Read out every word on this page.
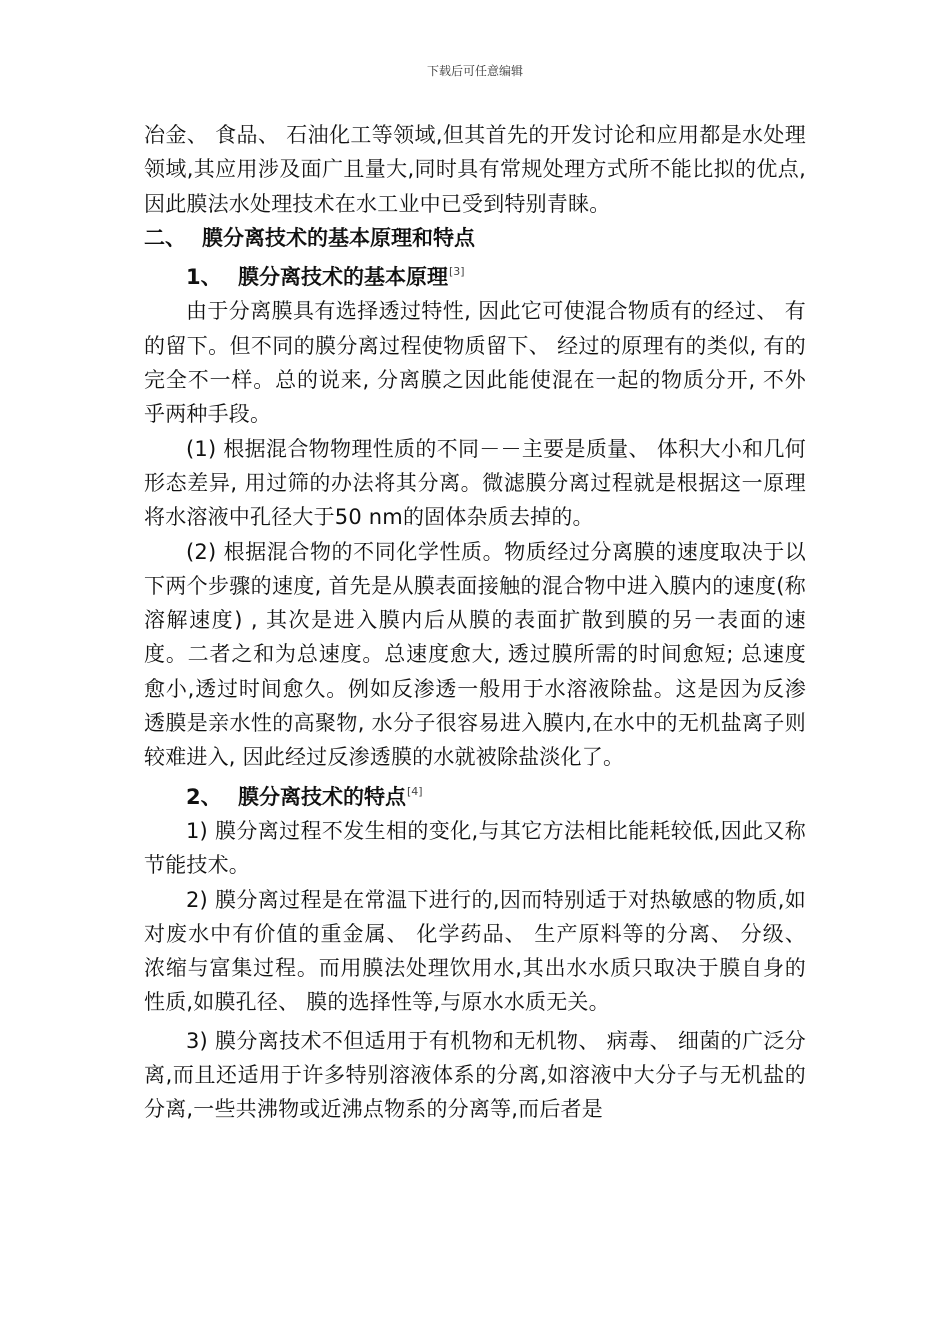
下载后可任意编辑

冶金、 食品、 石油化工等领域,但其首先的开发讨论和应用都是水处理领域,其应用涉及面广且量大,同时具有常规处理方式所不能比拟的优点,因此膜法水处理技术在水工业中已受到特别青睐。

二、 膜分离技术的基本原理和特点
1、 膜分离技术的基本原理[3]

由于分离膜具有选择透过特性, 因此它可使混合物质有的经过、 有的留下。但不同的膜分离过程使物质留下、 经过的原理有的类似, 有的完全不一样。总的说来, 分离膜之因此能使混在一起的物质分开, 不外乎两种手段。

(1) 根据混合物物理性质的不同－－主要是质量、 体积大小和几何形态差异, 用过筛的办法将其分离。微滤膜分离过程就是根据这一原理将水溶液中孔径大于50 nm的固体杂质去掉的。

(2) 根据混合物的不同化学性质。物质经过分离膜的速度取决于以下两个步骤的速度, 首先是从膜表面接触的混合物中进入膜内的速度(称溶解速度) , 其次是进入膜内后从膜的表面扩散到膜的另一表面的速度。二者之和为总速度。总速度愈大, 透过膜所需的时间愈短; 总速度愈小,透过时间愈久。例如反渗透一般用于水溶液除盐。这是因为反渗透膜是亲水性的高聚物, 水分子很容易进入膜内,在水中的无机盐离子则较难进入, 因此经过反渗透膜的水就被除盐淡化了。

2、 膜分离技术的特点[4]

1) 膜分离过程不发生相的变化,与其它方法相比能耗较低,因此又称节能技术。

2) 膜分离过程是在常温下进行的,因而特别适于对热敏感的物质,如对废水中有价值的重金属、 化学药品、 生产原料等的分离、 分级、 浓缩与富集过程。而用膜法处理饮用水,其出水水质只取决于膜自身的性质,如膜孔径、 膜的选择性等,与原水水质无关。

3) 膜分离技术不但适用于有机物和无机物、 病毒、 细菌的广泛分离,而且还适用于许多特别溶液体系的分离,如溶液中大分子与无机盐的分离,一些共沸物或近沸点物系的分离等,而后者是
